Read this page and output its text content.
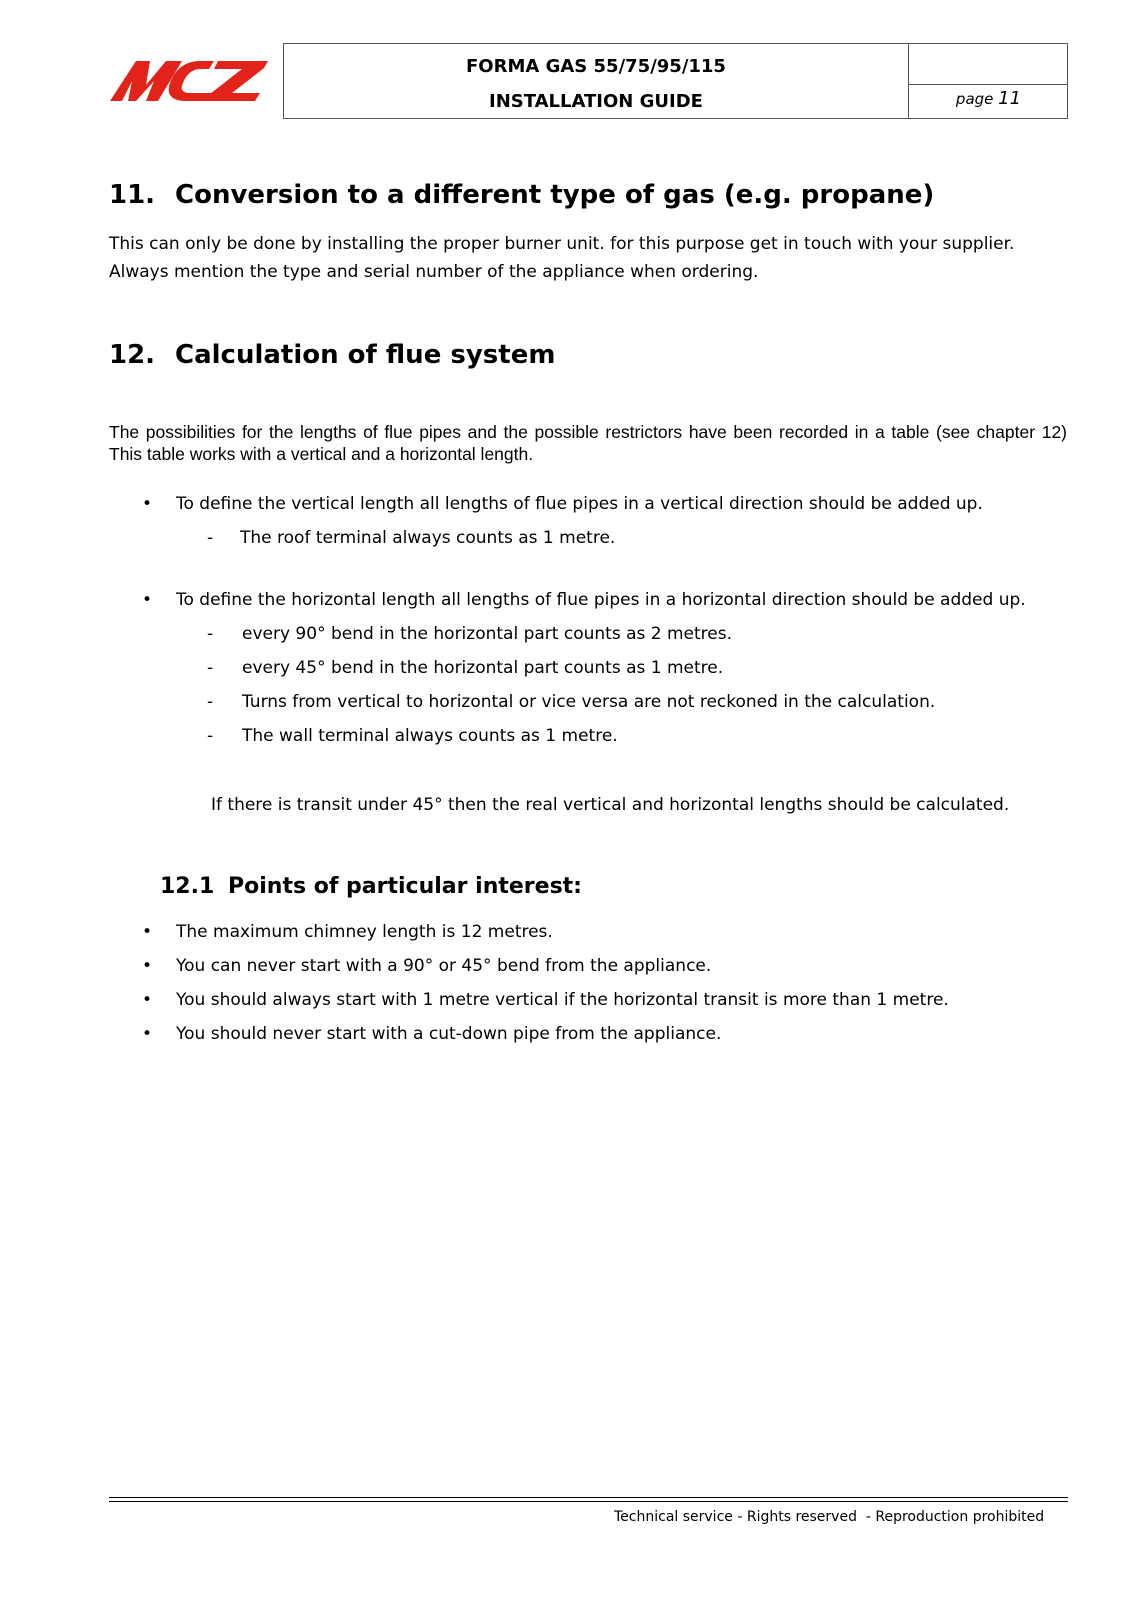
FORMA GAS 55/75/95/115
INSTALLATION GUIDE	page 11
11. Conversion to a different type of gas (e.g. propane)
This can only be done by installing the proper burner unit. for this purpose get in touch with your supplier.
Always mention the type and serial number of the appliance when ordering.
12. Calculation of flue system
The possibilities for the lengths of flue pipes and the possible restrictors have been recorded in a table (see chapter 12) This table works with a vertical and a horizontal length.
•	To define the vertical length all lengths of flue pipes in a vertical direction should be added up.
- The roof terminal always counts as 1 metre.
•	To define the horizontal length all lengths of flue pipes in a horizontal direction should be added up.
- every 90° bend in the horizontal part counts as 2 metres.
- every 45° bend in the horizontal part counts as 1 metre.
- Turns from vertical to horizontal or vice versa are not reckoned in the calculation.
- The wall terminal always counts as 1 metre.
If there is transit under 45° then the real vertical and horizontal lengths should be calculated.
12.1 Points of particular interest:
•	The maximum chimney length is 12 metres.
•	You can never start with a 90° or 45° bend from the appliance.
•	You should always start with 1 metre vertical if the horizontal transit is more than 1 metre.
•	You should never start with a cut-down pipe from the appliance.
Technical service - Rights reserved  - Reproduction prohibited
